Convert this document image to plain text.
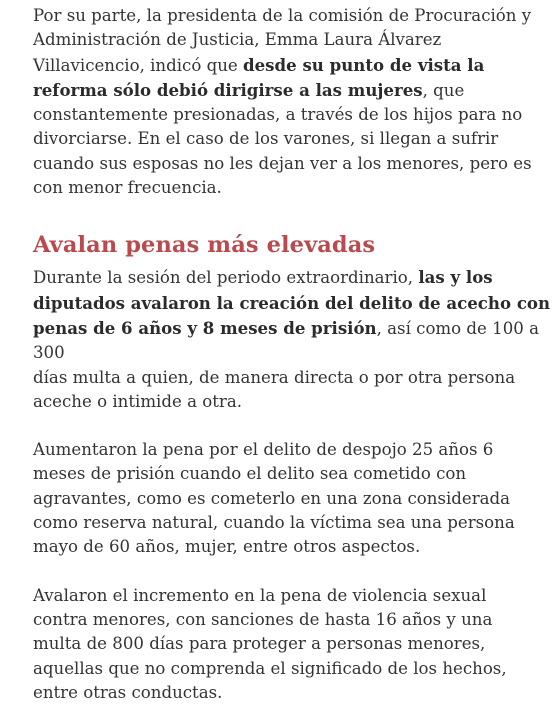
Por su parte, la presidenta de la comisión de Procuración y
Administración de Justicia, Emma Laura Álvarez
Villavicencio, indicó que desde su punto de vista la
reforma sólo debió dirigirse a las mujeres, que
constantemente presionadas, a través de los hijos para no
divorciarse. En el caso de los varones, si llegan a sufrir
cuando sus esposas no les dejan ver a los menores, pero es
con menor frecuencia.

Avalan penas más elevadas

Durante la sesión del periodo extraordinario, las y los
diputados avalaron la creación del delito de acecho con
penas de 6 años y 8 meses de prisión, así como de 100 a 300
días multa a quien, de manera directa o por otra persona
aceche o intimide a otra.

Aumentaron la pena por el delito de despojo 25 años 6
meses de prisión cuando el delito sea cometido con
agravantes, como es cometerlo en una zona considerada
como reserva natural, cuando la víctima sea una persona
mayo de 60 años, mujer, entre otros aspectos.

Avalaron el incremento en la pena de violencia sexual
contra menores, con sanciones de hasta 16 años y una
multa de 800 días para proteger a personas menores,
aquellas que no comprenda el significado de los hechos,
entre otras conductas.
